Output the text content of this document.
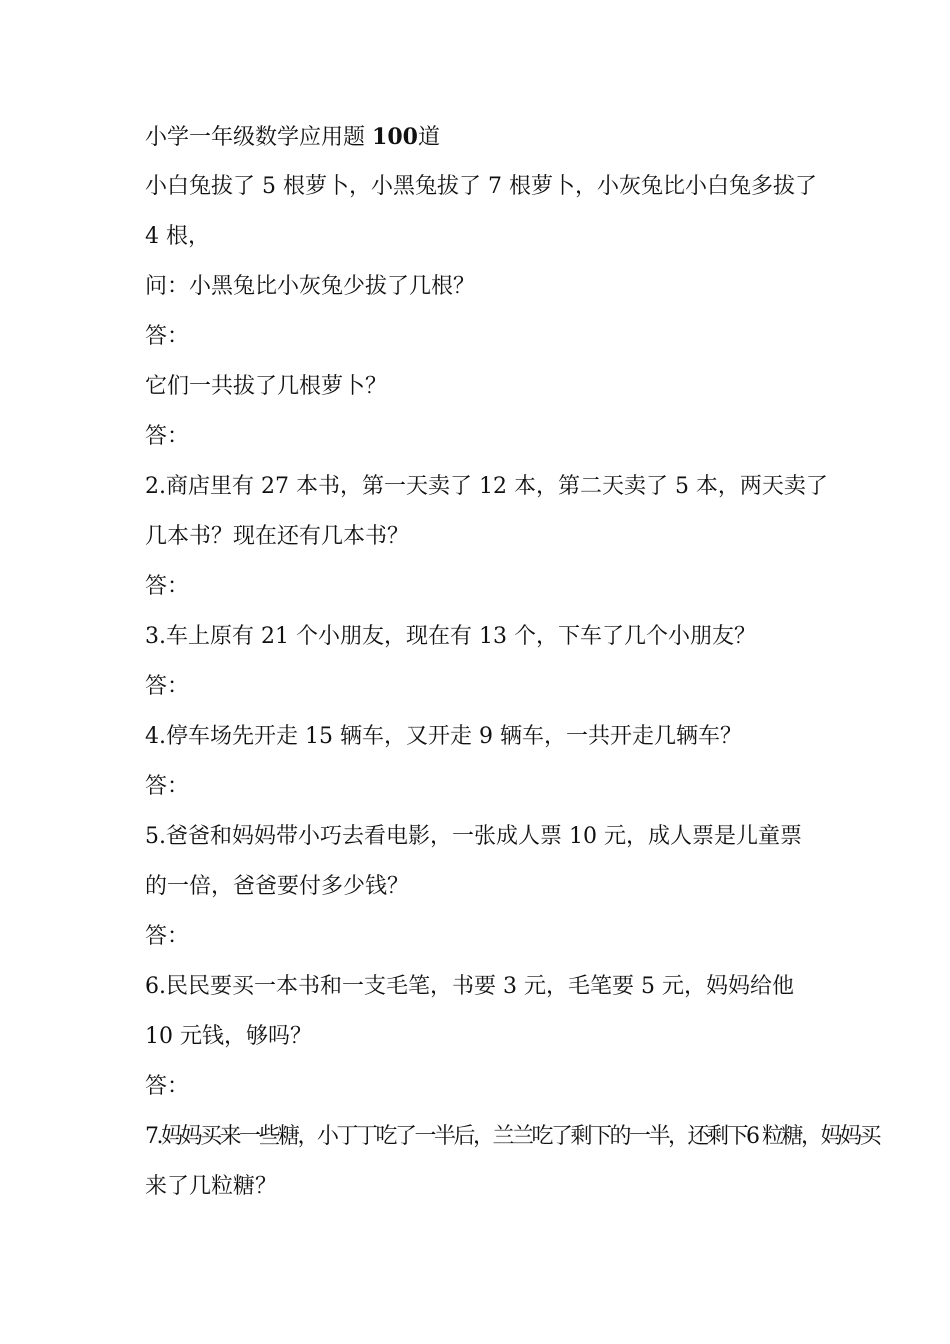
小学一年级数学应用题 100道
小白兔拔了 5 根萝卜，小黑兔拔了 7 根萝卜，小灰兔比小白兔多拔了
4 根，
问：小黑兔比小灰兔少拔了几根？
答：
它们一共拔了几根萝卜？
答：
2.商店里有 27 本书，第一天卖了 12 本，第二天卖了 5 本，两天卖了
几本书？现在还有几本书？
答：
3.车上原有 21 个小朋友，现在有 13 个，下车了几个小朋友？
答：
4.停车场先开走 15 辆车，又开走 9 辆车，一共开走几辆车？
答：
5.爸爸和妈妈带小巧去看电影，一张成人票 10 元，成人票是儿童票
的一倍，爸爸要付多少钱？
答：
6.民民要买一本书和一支毛笔，书要 3 元，毛笔要 5 元，妈妈给他
10 元钱，够吗？
答：
7.妈妈买来一些糖，小丁丁吃了一半后，兰兰吃了剩下的一半，还剩下6 粒糖，妈妈买
来了几粒糖？
